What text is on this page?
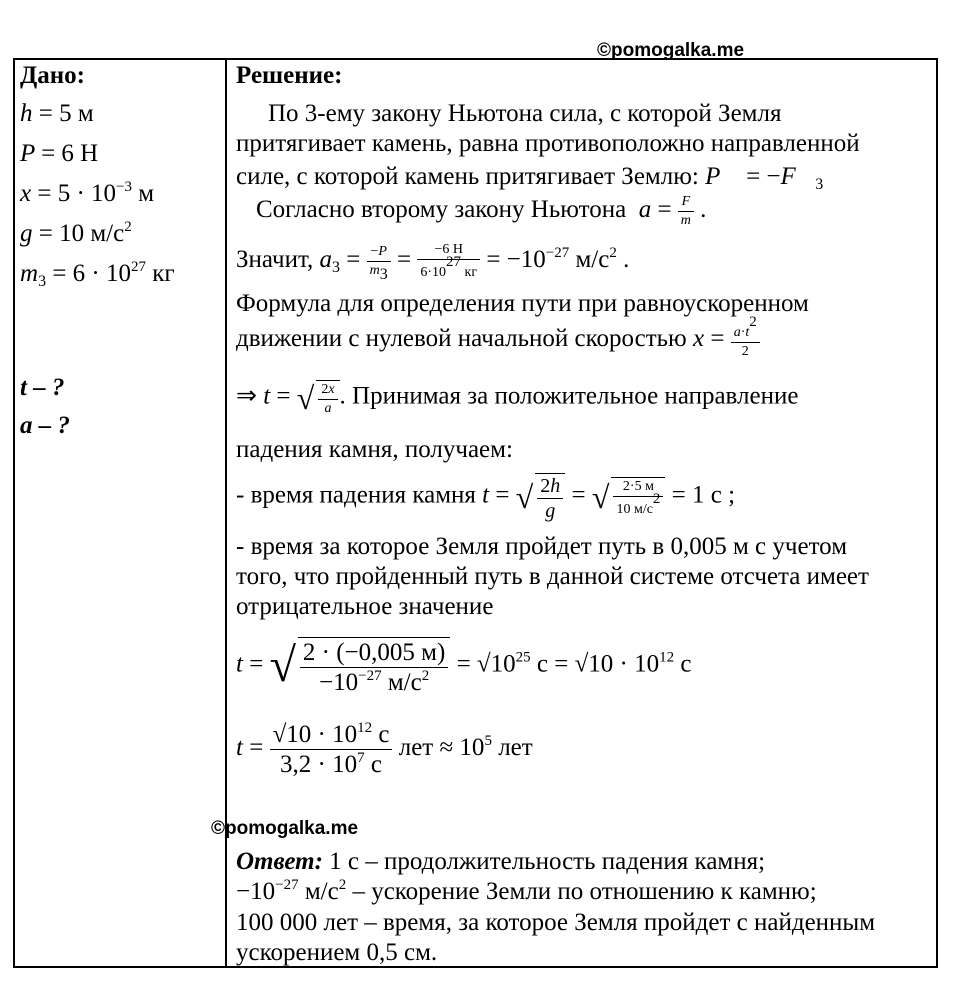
©pomogalka.me
Дано:
h = 5 м
P = 6 Н
$x = 5 \cdot 10^{-3}$ м
g = 10 $м/с^2$
$m_3 = 6 \cdot 10^{27}$ кг
t – ?
a – ?
Решение:
По 3-ему закону Ньютона сила, с которой Земля
притягивает камень, равна противоположно направленной
силе, с которой камень притягивает Землю: P⃗ = $-F⃗_3$
Согласно второму закону Ньютона $a = \frac{F}{m}$ .
Значит, $a_3 = \frac{-P}{m_3} = \frac{-6 Н}{6\cdot 10^{27} кг} = -10^{-27}$ $м/с^2$ .
Формула для определения пути при равноускоренном
движении с нулевой начальной скоростью $x = \frac{a\cdot t^2}{2}$
⇒ t = √ $\frac{2x}{a}$ . Принимая за положительное направление
падения камня, получаем:
- время падения камня t = √ $\frac{2h}{g}$ = √ $\frac{2\cdot 5 м}{10 м/с^2} = 1$ с ;
- время за которое Земля пройдет путь в 0,005 м с учетом
того, что пройденный путь в данной системе отсчета имеет
отрицательное значение
t = √ $\frac{2 \cdot (-0,005 м)}{-10^{-27} м/с^2} = √10^{25}$ $с = √10 \cdot 10^{12}$ с
$t = \frac{√10 \cdot 10^{12} с}{3,2 \cdot 10^7 с}$ лет ≈ $10^5$ лет
©pomogalka.me
Ответ: 1 с – продолжительность падения камня;
$-10^{-27}$ $м/с^2$ – ускорение Земли по отношению к камню;
100 000 лет – время, за которое Земля пройдет с найденным
ускорением 0,5 см.
